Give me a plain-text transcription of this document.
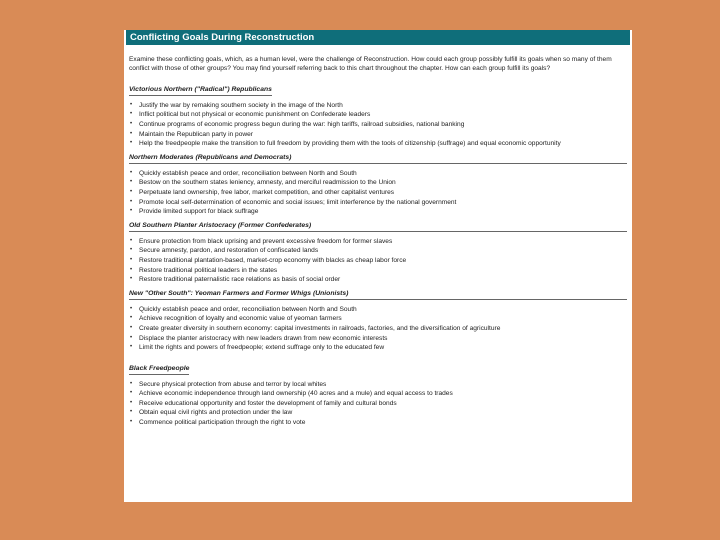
Conflicting Goals During Reconstruction
Examine these conflicting goals, which, as a human level, were the challenge of Reconstruction. How could each group possibly fulfill its goals when so many of them conflict with those of other groups? You may find yourself referring back to this chart throughout the chapter. How can each group fulfill its goals?
Victorious Northern ("Radical") Republicans
• Justify the war by remaking southern society in the image of the North
• Inflict political but not physical or economic punishment on Confederate leaders
• Continue programs of economic progress begun during the war: high tariffs, railroad subsidies, national banking
• Maintain the Republican party in power
• Help the freedpeople make the transition to full freedom by providing them with the tools of citizenship (suffrage) and equal economic opportunity
Northern Moderates (Republicans and Democrats)
• Quickly establish peace and order, reconciliation between North and South
• Bestow on the southern states leniency, amnesty, and merciful readmission to the Union
• Perpetuate land ownership, free labor, market competition, and other capitalist ventures
• Promote local self-determination of economic and social issues; limit interference by the national government
• Provide limited support for black suffrage
Old Southern Planter Aristocracy (Former Confederates)
• Ensure protection from black uprising and prevent excessive freedom for former slaves
• Secure amnesty, pardon, and restoration of confiscated lands
• Restore traditional plantation-based, market-crop economy with blacks as cheap labor force
• Restore traditional political leaders in the states
• Restore traditional paternalistic race relations as basis of social order
New "Other South": Yeoman Farmers and Former Whigs (Unionists)
• Quickly establish peace and order, reconciliation between North and South
• Achieve recognition of loyalty and economic value of yeoman farmers
• Create greater diversity in southern economy: capital investments in railroads, factories, and the diversification of agriculture
• Displace the planter aristocracy with new leaders drawn from new economic interests
• Limit the rights and powers of freedpeople; extend suffrage only to the educated few
Black Freedpeople
• Secure physical protection from abuse and terror by local whites
• Achieve economic independence through land ownership (40 acres and a mule) and equal access to trades
• Receive educational opportunity and foster the development of family and cultural bonds
• Obtain equal civil rights and protection under the law
• Commence political participation through the right to vote
